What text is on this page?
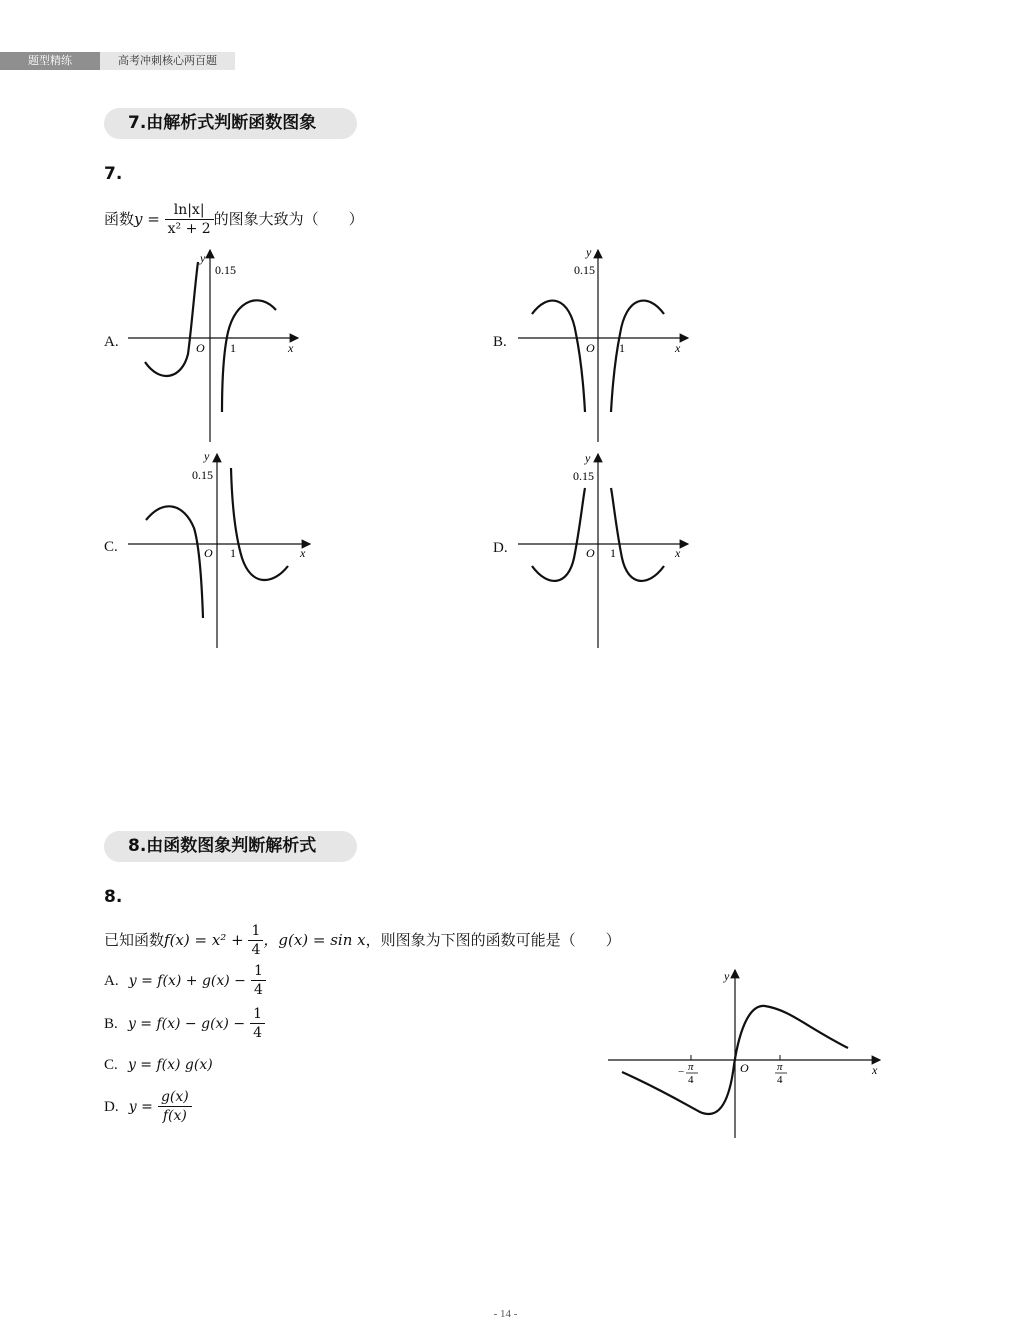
题型精练	高考冲刺核心两百题
7.由解析式判断函数图象
7.
函数$y = \frac{\ln|x|}{\text{x² + 2}}$ 的图象大致为（　　）
A.
0.15
y
O 1	x	B.
0.15
y
O 1	x
C.
0.15
y
O 1	x	D.
0.15
y
O 1	x
8.由函数图象判断解析式
8.
已知函数$f(x) = x^2 + \frac{1}{4}$ ，g(x) = sin x，则图象为下图的函数可能是（　　）
A. $y = f(x) + g(x) - \frac{1}{4}$
B. $y = f(x) - g(x) - \frac{1}{4}$
C. y = f(x) g(x)
D. $y = \frac{g(x)}{f(x)}$
y
x
O
− π
4
π
4
- 14 -
